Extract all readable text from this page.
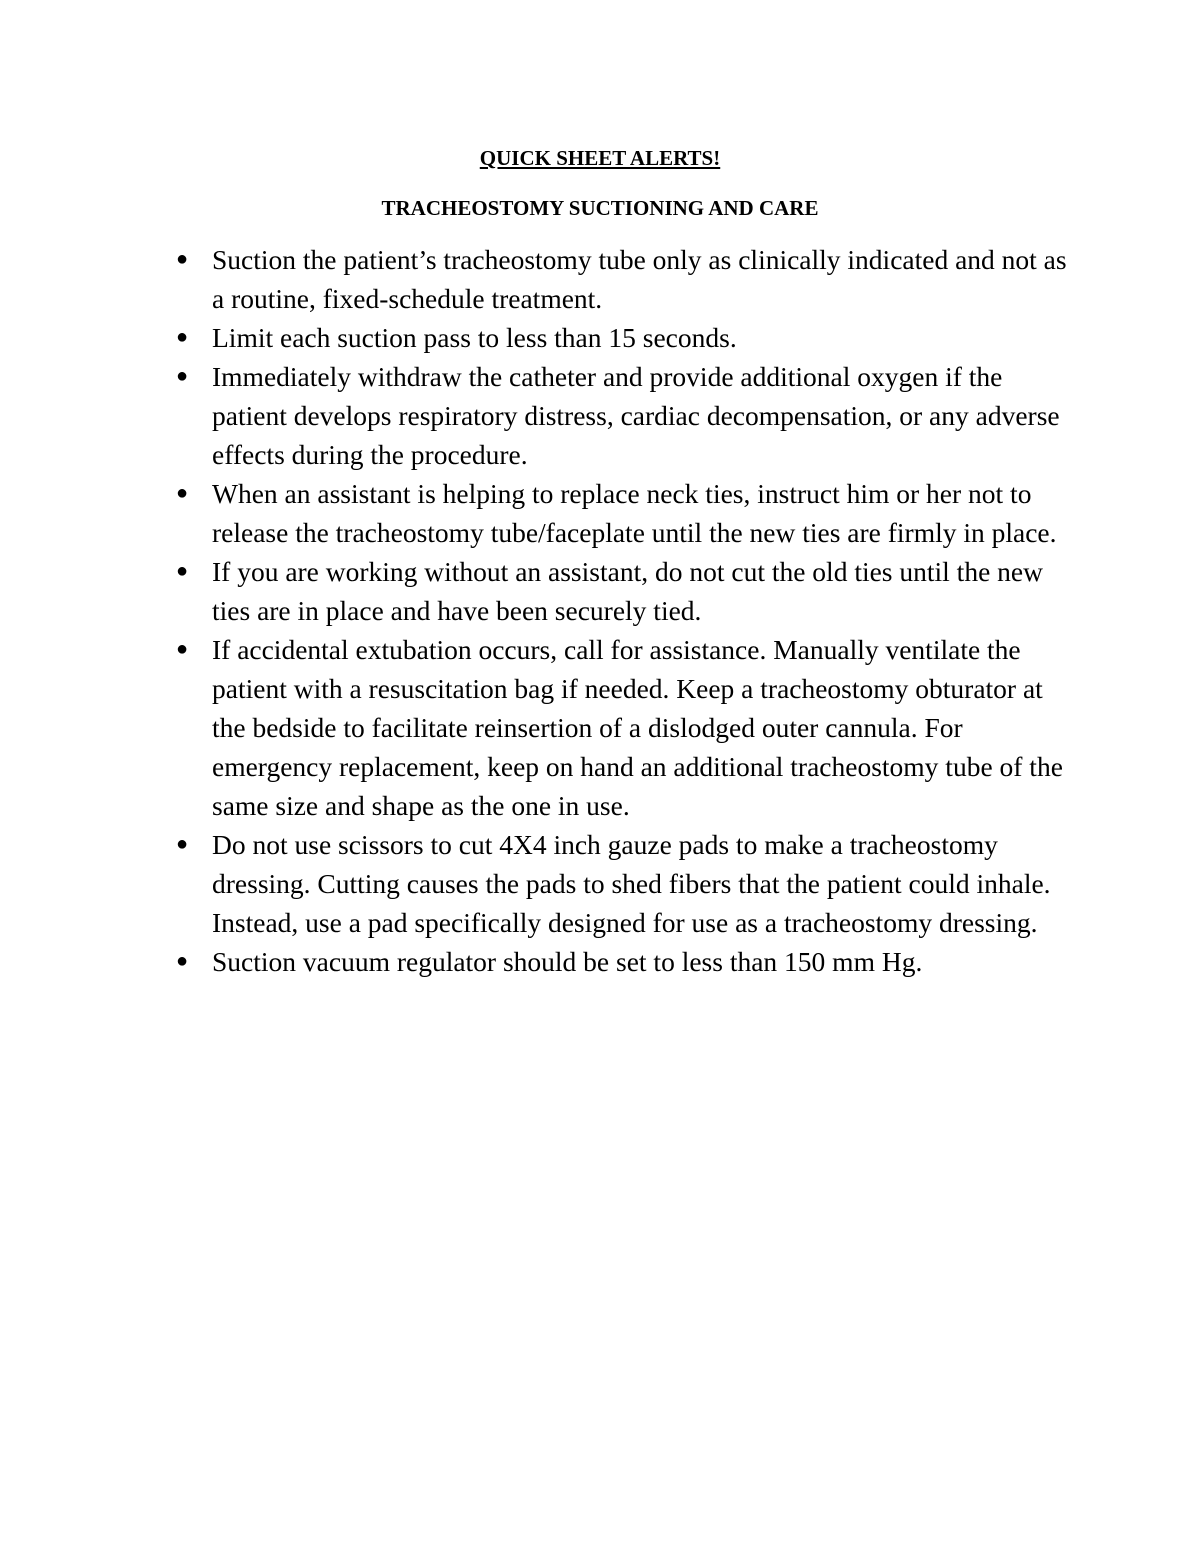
QUICK SHEET ALERTS!
TRACHEOSTOMY SUCTIONING AND CARE
● Suction the patient’s tracheostomy tube only as clinically indicated and not as a routine, fixed-schedule treatment.
● Limit each suction pass to less than 15 seconds.
● Immediately withdraw the catheter and provide additional oxygen if the patient develops respiratory distress, cardiac decompensation, or any adverse effects during the procedure.
● When an assistant is helping to replace neck ties, instruct him or her not to release the tracheostomy tube/faceplate until the new ties are firmly in place.
● If you are working without an assistant, do not cut the old ties until the new ties are in place and have been securely tied.
● If accidental extubation occurs, call for assistance. Manually ventilate the patient with a resuscitation bag if needed. Keep a tracheostomy obturator at the bedside to facilitate reinsertion of a dislodged outer cannula. For emergency replacement, keep on hand an additional tracheostomy tube of the same size and shape as the one in use.
● Do not use scissors to cut 4X4 inch gauze pads to make a tracheostomy dressing. Cutting causes the pads to shed fibers that the patient could inhale. Instead, use a pad specifically designed for use as a tracheostomy dressing.
● Suction vacuum regulator should be set to less than 150 mm Hg.
